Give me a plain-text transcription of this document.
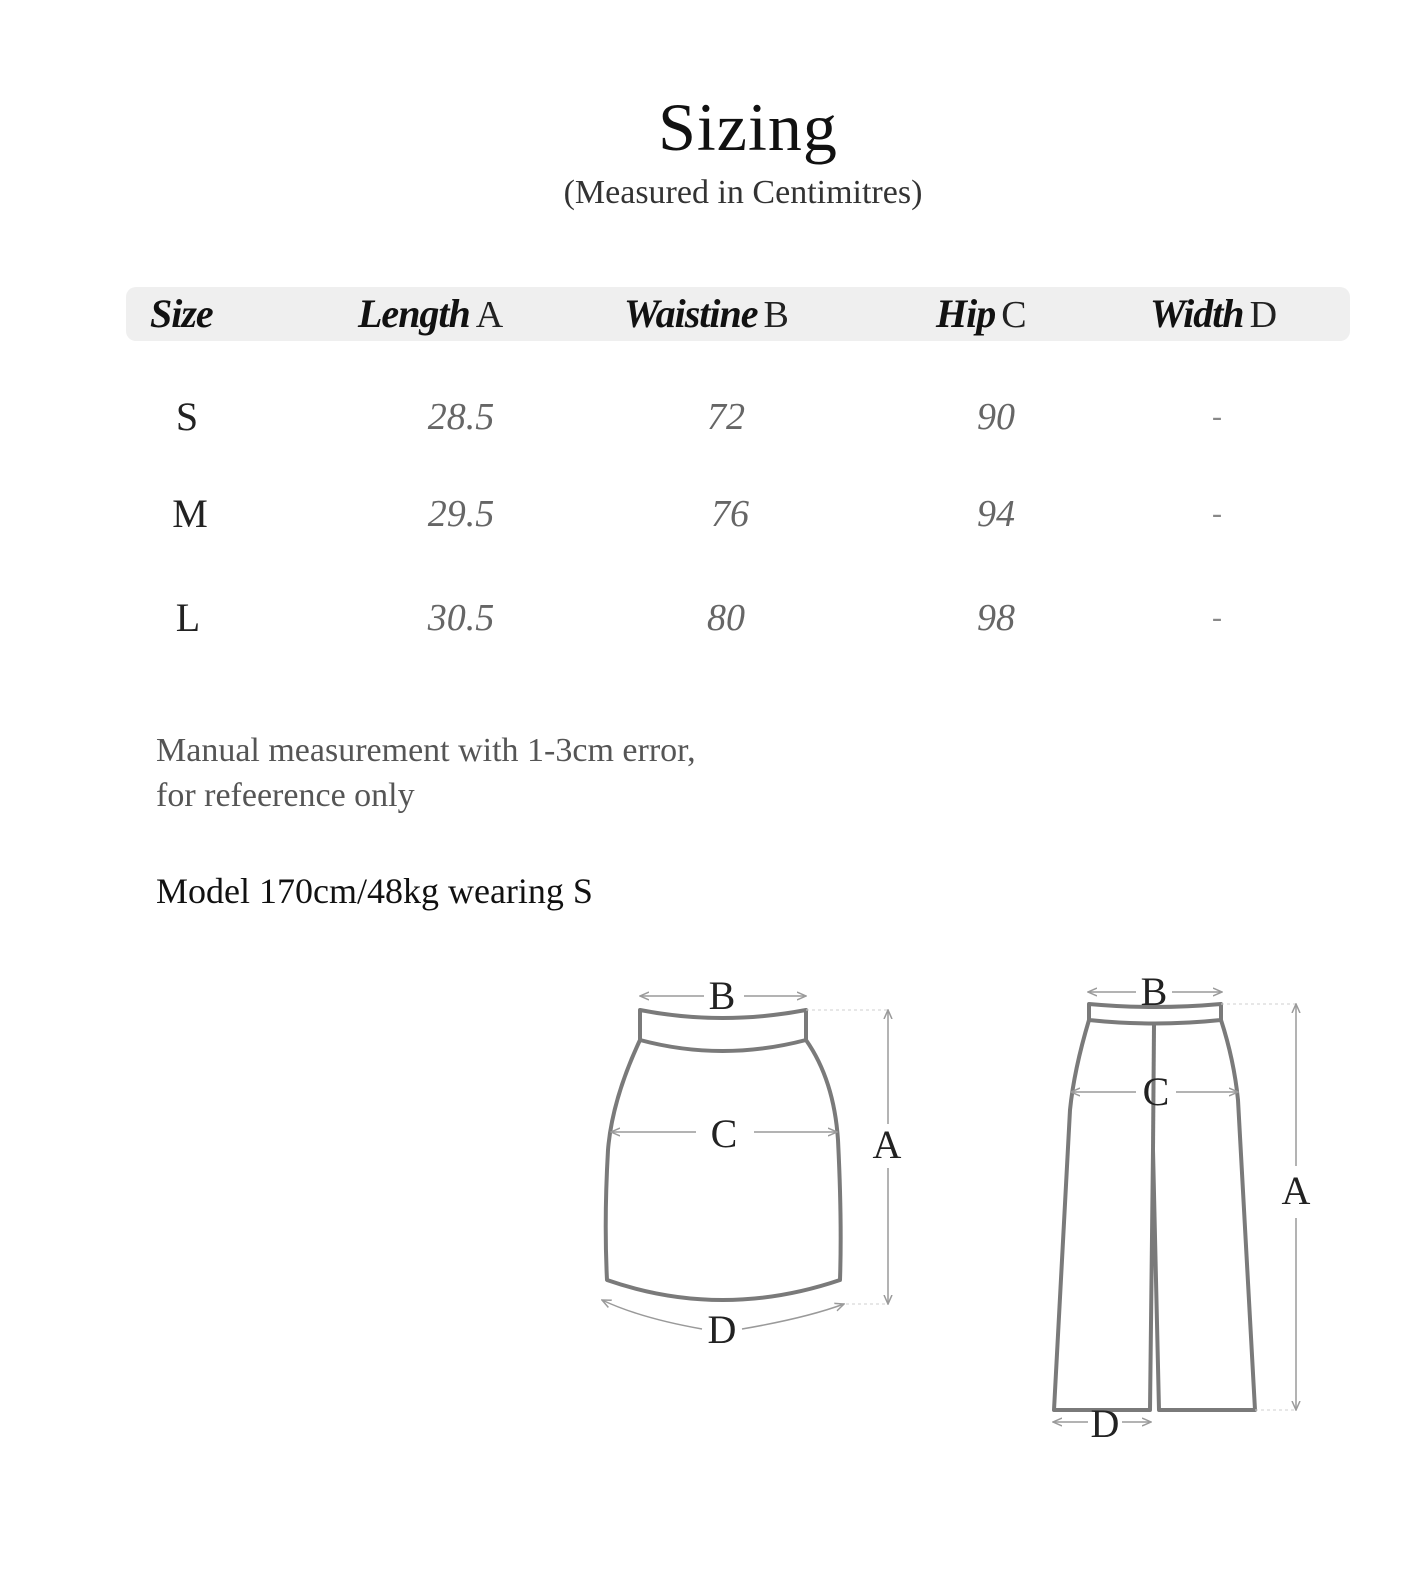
Sizing
(Measured in Centimitres)
Size	Length A	Waistine B	Hip C	Width D
S	28.5	72	90	-
M	29.5	76	94	-
L	30.5	80	98	-
Manual measurement with 1-3cm error,
for refeerence only
Model 170cm/48kg wearing S
B
C	A
D
B
C
A
D
